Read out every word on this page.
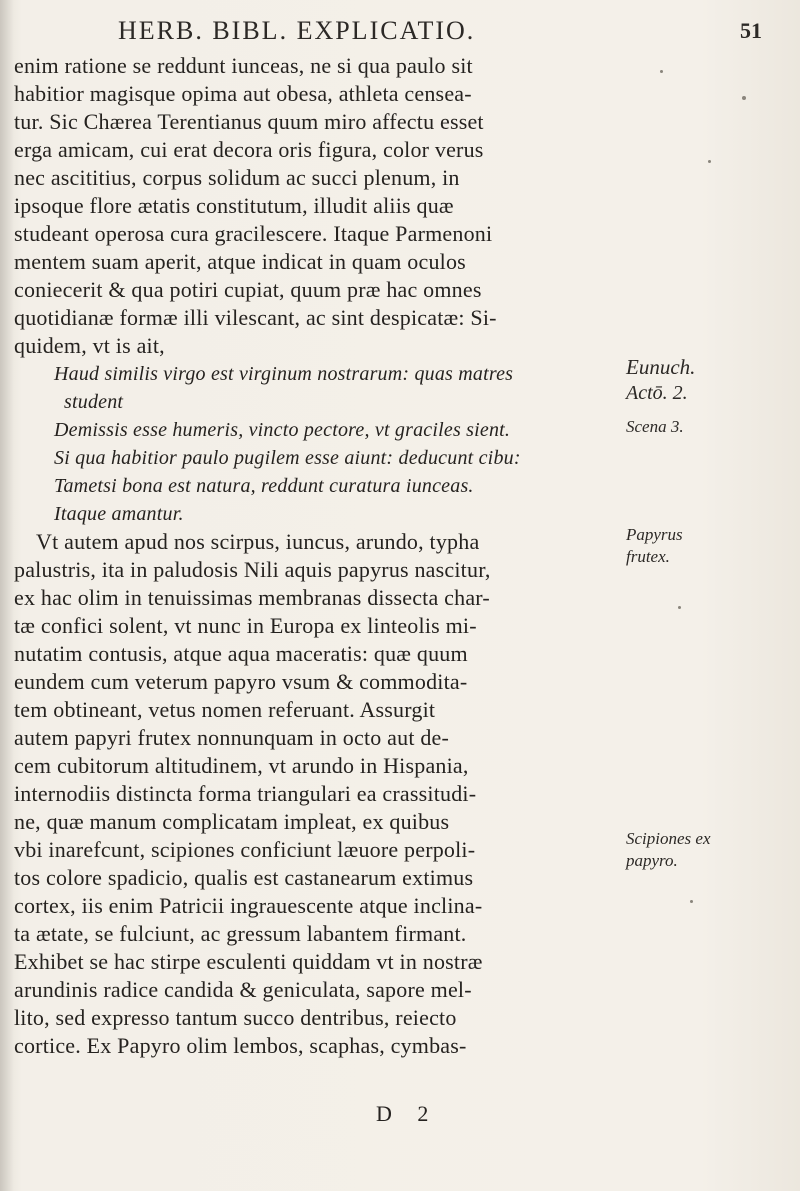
HERB. BIBL. EXPLICATIO.	51
enim ratione se reddunt iunceas, ne si qua paulo sit
habitior magisque opima aut obesa, athleta censea-
tur. Sic Chærea Terentianus quum miro affectu esset
erga amicam, cui erat decora oris figura, color verus
nec ascititius, corpus solidum ac succi plenum, in
ipsoque flore ætatis constitutum, illudit aliis quæ
studeant operosa cura gracilescere. Itaque Parmenoni
mentem suam aperit, atque indicat in quam oculos
coniecerit & qua potiri cupiat, quum præ hac omnes
quotidianæ formæ illi vilescant, ac sint despicatæ: Si-
quidem, vt is ait,
Haud similis virgo est virginum nostrarum: quas matres
student
Demissis esse humeris, vincto pectore, vt graciles sient.
Si qua habitior paulo pugilem esse aiunt: deducunt cibu:
Tametsi bona est natura, reddunt curatura iunceas.
Itaque amantur.
Vt autem apud nos scirpus, iuncus, arundo, typha
palustris, ita in paludosis Nili aquis papyrus nascitur,
ex hac olim in tenuissimas membranas dissecta char-
tæ confici solent, vt nunc in Europa ex linteolis mi-
nutatim contusis, atque aqua maceratis: quæ quum
eundem cum veterum papyro vsum & commodita-
tem obtineant, vetus nomen referuant. Assurgit
autem papyri frutex nonnunquam in octo aut de-
cem cubitorum altitudinem, vt arundo in Hispania,
internodiis distincta forma triangulari ea crassitudi-
ne, quæ manum complicatam impleat, ex quibus
vbi inarefcunt, scipiones conficiunt læuore perpoli-
tos colore spadicio, qualis est castanearum extimus
cortex, iis enim Patricii ingrauescente atque inclina-
ta ætate, se fulciunt, ac gressum labantem firmant.
Exhibet se hac stirpe esculenti quiddam vt in nostræ
arundinis radice candida & geniculata, sapore mel-
lito, sed expresso tantum succo dentribus, reiecto
cortice. Ex Papyro olim lembos, scaphas, cymbas-
Eunuch.
Actō. 2.
Scena 3.
Papyrus
frutex.
Scipiones ex
papyro.
D 2
